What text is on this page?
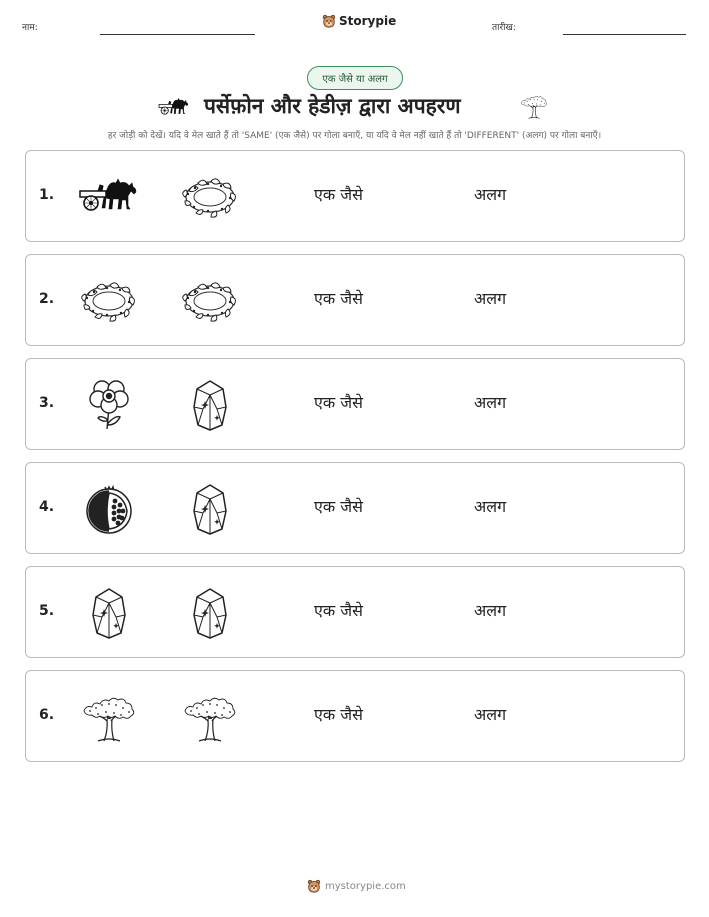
नाम:	Storypie	तारीख:
एक जैसे या अलग
पर्सेफ़ोन और हेडीज़ द्वारा अपहरण
हर जोड़ी को देखें। यदि वे मेल खाते हैं तो 'SAME' (एक जैसे) पर गोला बनाएँ, या यदि वे मेल नहीं खाते हैं तो 'DIFFERENT' (अलग) पर गोला बनाएँ।
1.	एक जैसे	अलग
2.	एक जैसे	अलग
3.	एक जैसे	अलग
4.	एक जैसे	अलग
5.	एक जैसे	अलग
6.	एक जैसे	अलग
mystorypie.com
